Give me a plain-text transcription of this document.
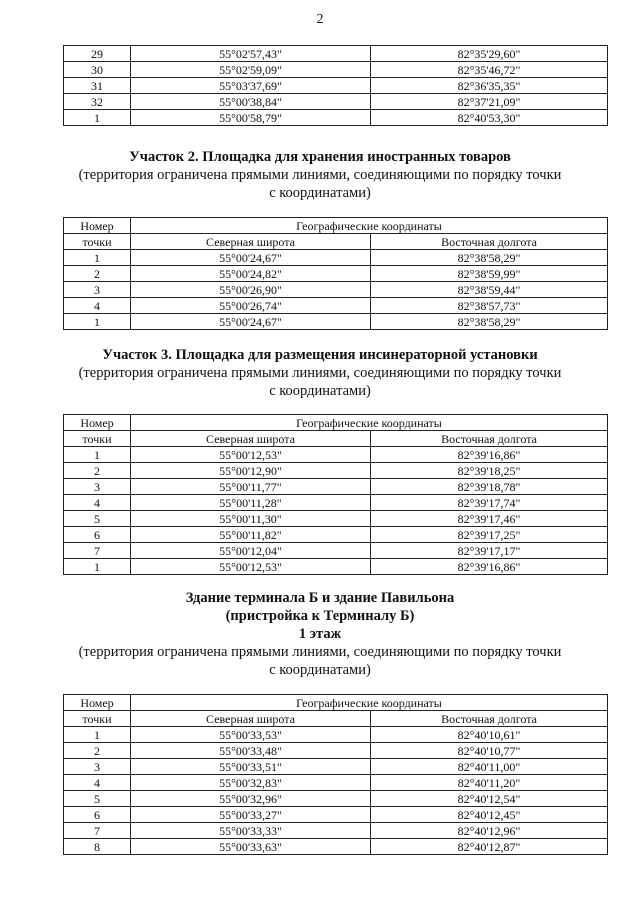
2
29	55°02'57,43"	82°35'29,60"
30	55°02'59,09"	82°35'46,72"
31	55°03'37,69"	82°36'35,35"
32	55°00'38,84"	82°37'21,09"
1	55°00'58,79"	82°40'53,30"
Участок 2. Площадка для хранения иностранных товаров
(территория ограничена прямыми линиями, соединяющими по порядку точки
с координатами)
Номер	Географические координаты	
точки	Северная широта	Восточная долгота
1	55°00'24,67"	82°38'58,29"
2	55°00'24,82"	82°38'59,99"
3	55°00'26,90"	82°38'59,44"
4	55°00'26,74"	82°38'57,73"
1	55°00'24,67"	82°38'58,29"
Участок 3. Площадка для размещения инсинераторной установки
(территория ограничена прямыми линиями, соединяющими по порядку точки
с координатами)
Номер	Географические координаты	
точки	Северная широта	Восточная долгота
1	55°00'12,53"	82°39'16,86"
2	55°00'12,90"	82°39'18,25"
3	55°00'11,77"	82°39'18,78"
4	55°00'11,28"	82°39'17,74"
5	55°00'11,30"	82°39'17,46"
6	55°00'11,82"	82°39'17,25"
7	55°00'12,04"	82°39'17,17"
1	55°00'12,53"	82°39'16,86"
Здание терминала Б и здание Павильона
(пристройка к Терминалу Б)
1 этаж
(территория ограничена прямыми линиями, соединяющими по порядку точки
с координатами)
Номер	Географические координаты	
точки	Северная широта	Восточная долгота
1	55°00'33,53"	82°40'10,61"
2	55°00'33,48"	82°40'10,77"
3	55°00'33,51"	82°40'11,00"
4	55°00'32,83"	82°40'11,20"
5	55°00'32,96"	82°40'12,54"
6	55°00'33,27"	82°40'12,45"
7	55°00'33,33"	82°40'12,96"
8	55°00'33,63"	82°40'12,87"
